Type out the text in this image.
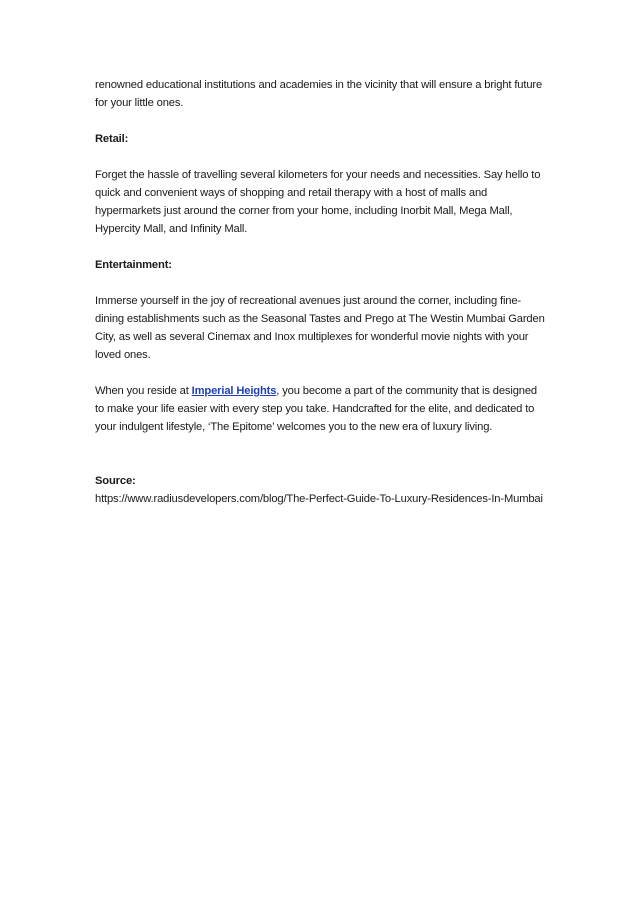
renowned educational institutions and academies in the vicinity that will ensure a bright future for your little ones.

Retail:

Forget the hassle of travelling several kilometers for your needs and necessities. Say hello to quick and convenient ways of shopping and retail therapy with a host of malls and hypermarkets just around the corner from your home, including Inorbit Mall, Mega Mall, Hypercity Mall, and Infinity Mall.

Entertainment:

Immerse yourself in the joy of recreational avenues just around the corner, including fine-dining establishments such as the Seasonal Tastes and Prego at The Westin Mumbai Garden City, as well as several Cinemax and Inox multiplexes for wonderful movie nights with your loved ones.

When you reside at Imperial Heights, you become a part of the community that is designed to make your life easier with every step you take. Handcrafted for the elite, and dedicated to your indulgent lifestyle, ‘The Epitome’ welcomes you to the new era of luxury living.

Source:
https://www.radiusdevelopers.com/blog/The-Perfect-Guide-To-Luxury-Residences-In-Mumbai
